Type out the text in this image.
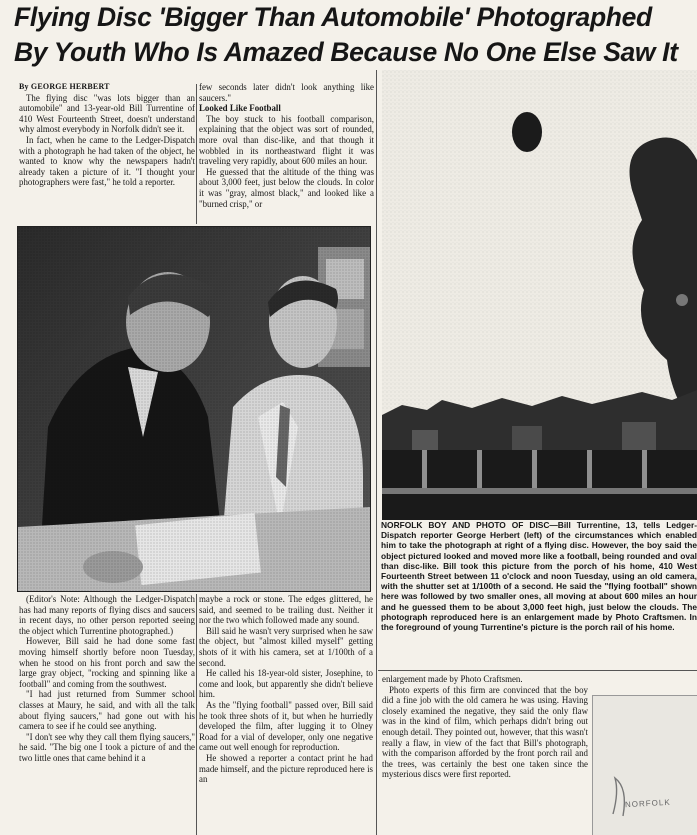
Flying Disc 'Bigger Than Automobile' Photographed
By Youth Who Is Amazed Because No One Else Saw It

By GEORGE HERBERT

The flying disc "was lots bigger than an automobile" and 13-year-old Bill Turrentine of 410 West Fourteenth Street, doesn't understand why almost everybody in Norfolk didn't see it.

In fact, when he came to the Ledger-Dispatch with a photograph he had taken of the object, he wanted to know why the newspapers hadn't already taken a picture of it. "I thought your photographers were fast," he told a reporter.

few seconds later didn't look anything like saucers."

Looked Like Football

The boy stuck to his football comparison, explaining that the object was sort of rounded, more oval than disc-like, and that though it wobbled in its northeastward flight it was traveling very rapidly, about 600 miles an hour.

He guessed that the altitude of the thing was about 3,000 feet, just below the clouds. In color it was "gray, almost black," and looked like a "burned crisp," or

NORFOLK BOY AND PHOTO OF DISC—Bill Turrentine, 13, tells Ledger-Dispatch reporter George Herbert (left) of the circumstances which enabled him to take the photograph at right of a flying disc. However, the boy said the object pictured looked and moved more like a football, being rounded and oval than disc-like. Bill took this picture from the porch of his home, 410 West Fourteenth Street between 11 o'clock and noon Tuesday, using an old camera, with the shutter set at 1/100th of a second. He said the "flying football" shown here was followed by two smaller ones, all moving at about 600 miles an hour and he guessed them to be about 3,000 feet high, just below the clouds. The photograph reproduced here is an enlargement made by Photo Craftsmen. In the foreground of young Turrentine's picture is the porch rail of his home.

(Editor's Note: Although the Ledger-Dispatch has had many reports of flying discs and saucers in recent days, no other person reported seeing the object which Turrentine photographed.)

However, Bill said he had done some fast moving himself shortly before noon Tuesday, when he stood on his front porch and saw the large gray object, "rocking and spinning like a football" and coming from the southwest.

"I had just returned from Summer school classes at Maury, he said, and with all the talk about flying saucers," had gone out with his camera to see if he could see anything.

"I don't see why they call them flying saucers," he said. "The big one I took a picture of and the two little ones that came behind it a

maybe a rock or stone. The edges glittered, he said, and seemed to be trailing dust. Neither it nor the two which followed made any sound.

Bill said he wasn't very surprised when he saw the object, but "almost killed myself" getting shots of it with his camera, set at 1/100th of a second.

He called his 18-year-old sister, Josephine, to come and look, but apparently she didn't believe him.

As the "flying football" passed over, Bill said he took three shots of it, but when he hurriedly developed the film, after lugging it to Olney Road for a vial of developer, only one negative came out well enough for reproduction.

He showed a reporter a contact print he had made himself, and the picture reproduced here is an

enlargement made by Photo Craftsmen.

Photo experts of this firm are convinced that the boy did a fine job with the old camera he was using. Having closely examined the negative, they said the only flaw was in the kind of film, which perhaps didn't bring out enough detail. They pointed out, however, that this wasn't really a flaw, in view of the fact that Bill's photograph, with the comparison afforded by the front porch rail and the trees, was certainly the best one taken since the mysterious discs were first reported.

NORFOLK
